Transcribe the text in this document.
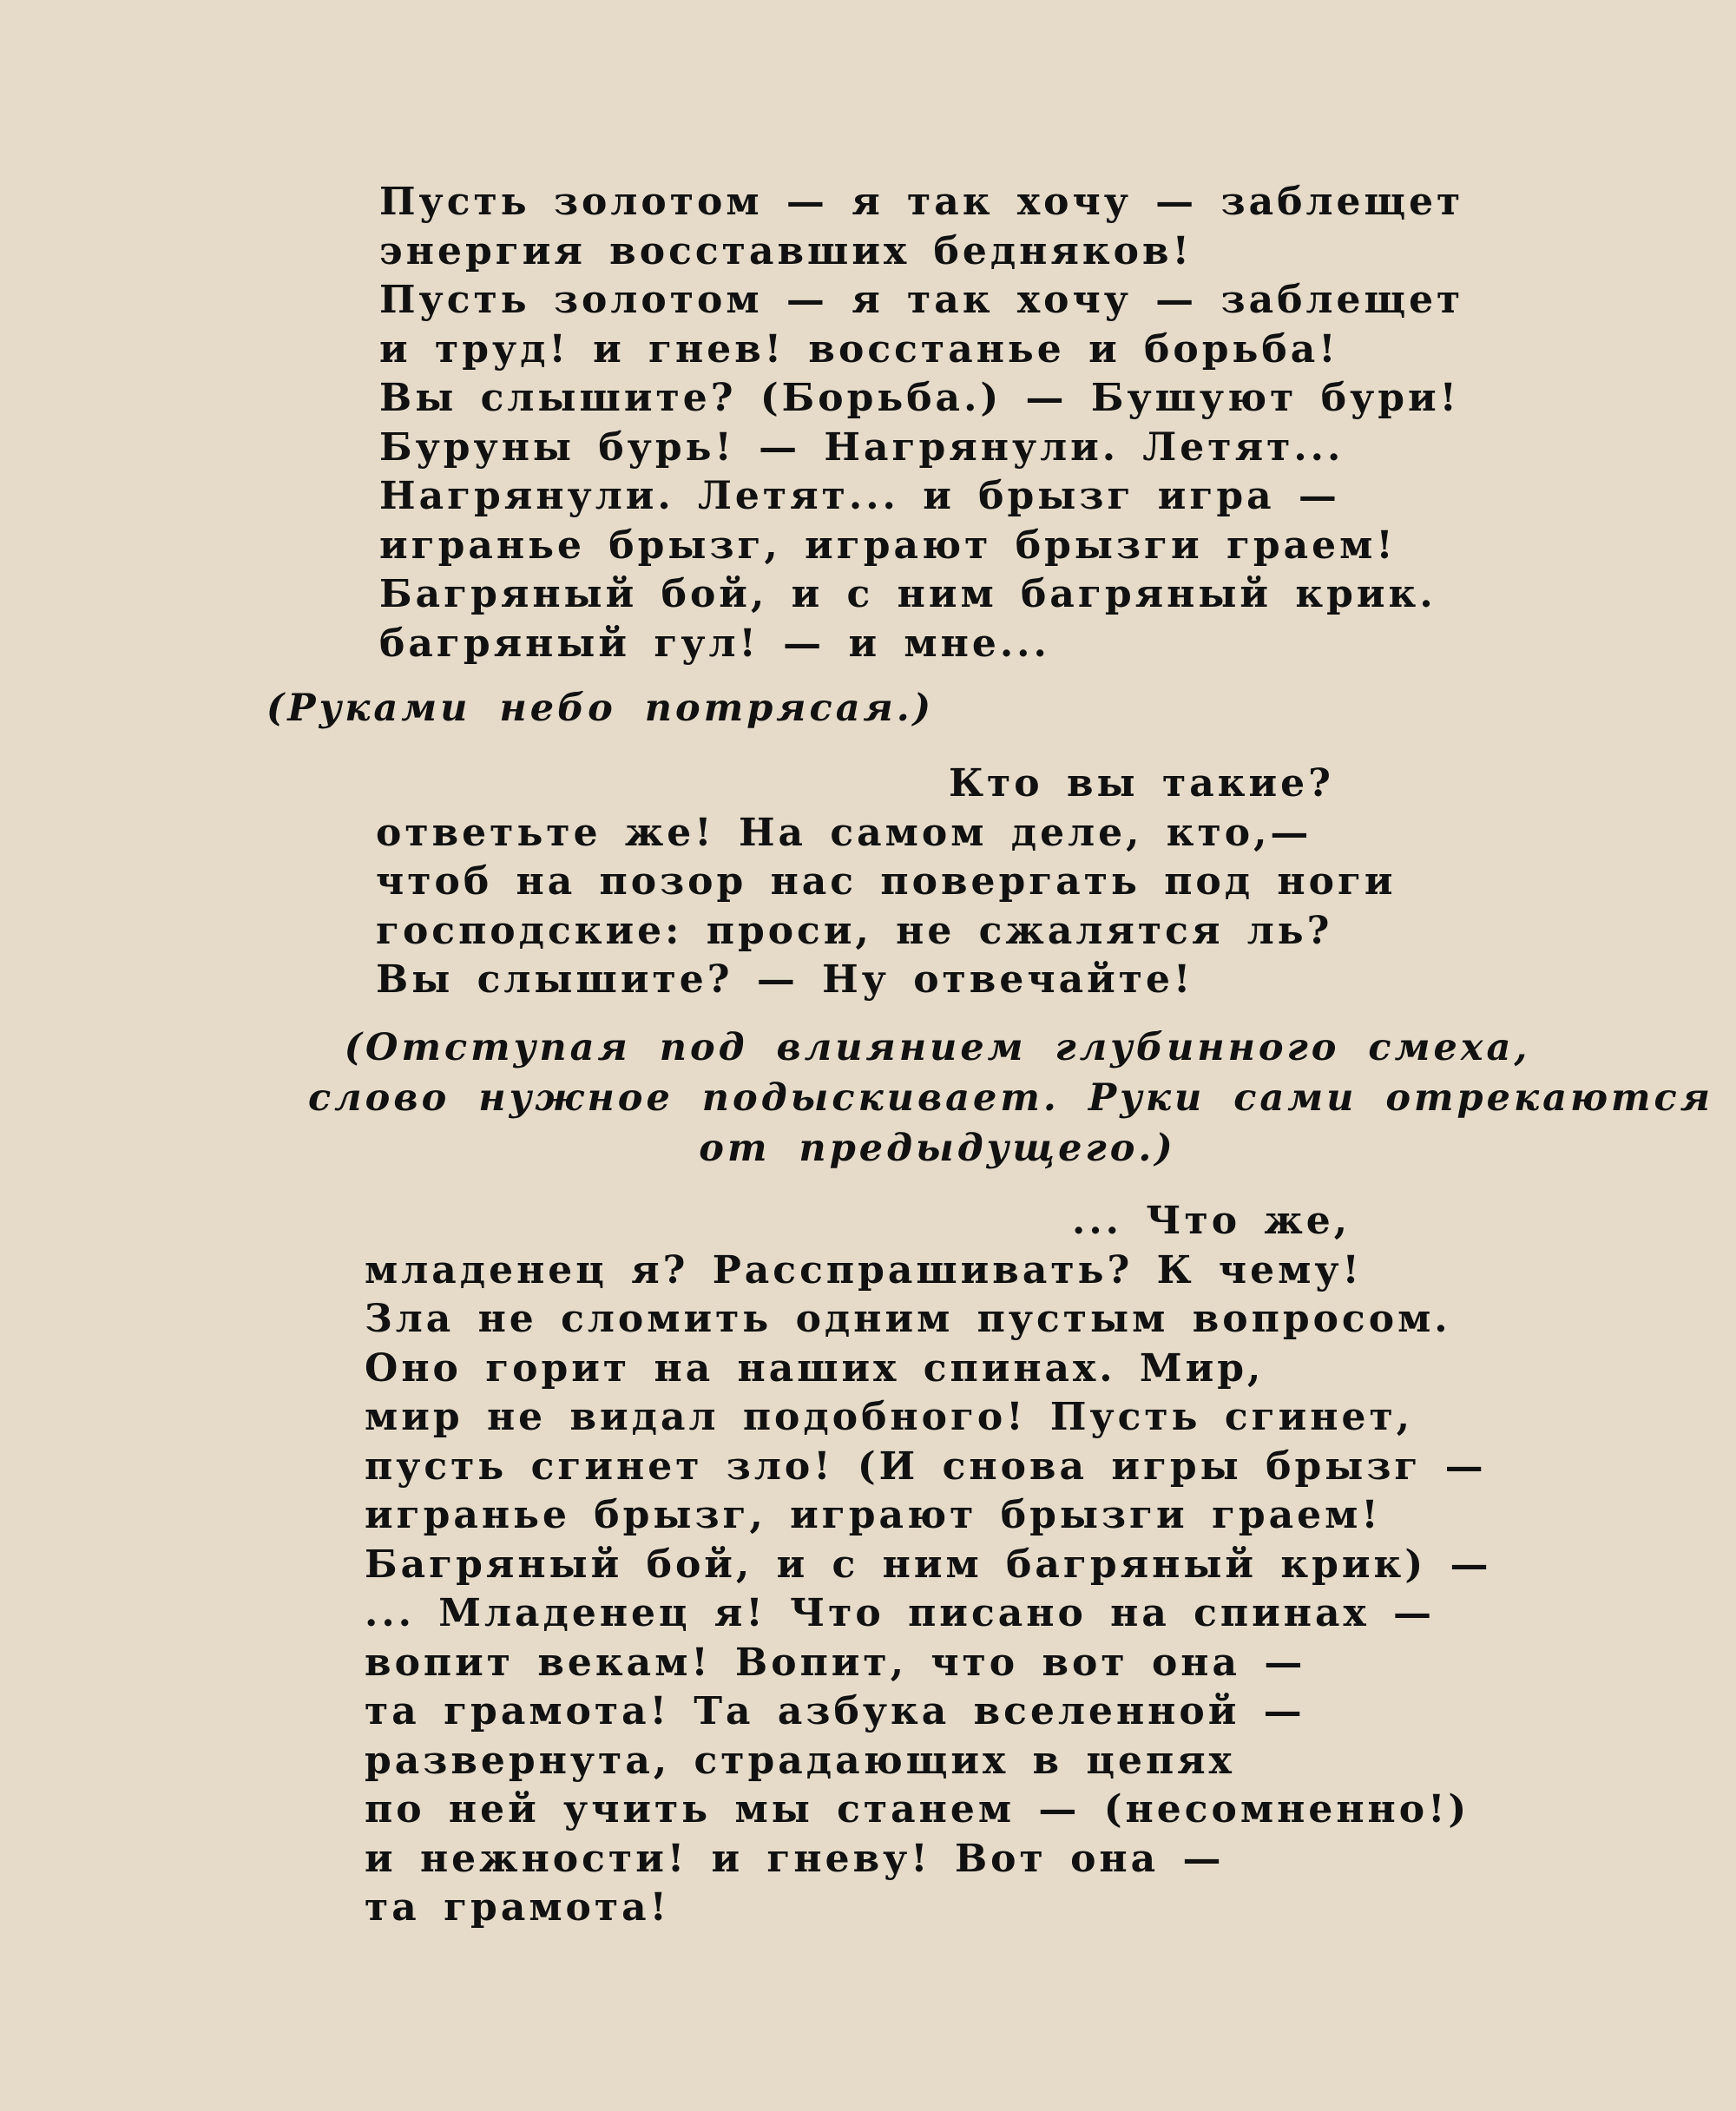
Пусть золотом — я так хочу — заблещет
энергия восставших бедняков!
Пусть золотом — я так хочу — заблещет
и труд! и гнев! восстанье и борьба!
Вы слышите? (Борьба.) — Бушуют бури!
Буруны бурь! — Нагрянули. Летят...
Нагрянули. Летят... и брызг игра —
игранье брызг, играют брызги граем!
Багряный бой, и с ним багряный крик.
багряный гул! — и мне...
(Руками небо потрясая.)
Кто вы такие?
ответьте же! На самом деле, кто,—
чтоб на позор нас повергать под ноги
господские: проси, не сжалятся ль?
Вы слышите? — Ну отвечайте!
(Отступая под влиянием глубинного смеха,
слово нужное подыскивает. Руки сами отрекаются
от предыдущего.)
... Что же,
младенец я? Расспрашивать? К чему!
Зла не сломить одним пустым вопросом.
Оно горит на наших спинах. Мир,
мир не видал подобного! Пусть сгинет,
пусть сгинет зло! (И снова игры брызг —
игранье брызг, играют брызги граем!
Багряный бой, и с ним багряный крик) —
... Младенец я! Что писано на спинах —
вопит векам! Вопит, что вот она —
та грамота! Та азбука вселенной —
развернута, страдающих в цепях
по ней учить мы станем — (несомненно!)
и нежности! и гневу! Вот она —
та грамота!
